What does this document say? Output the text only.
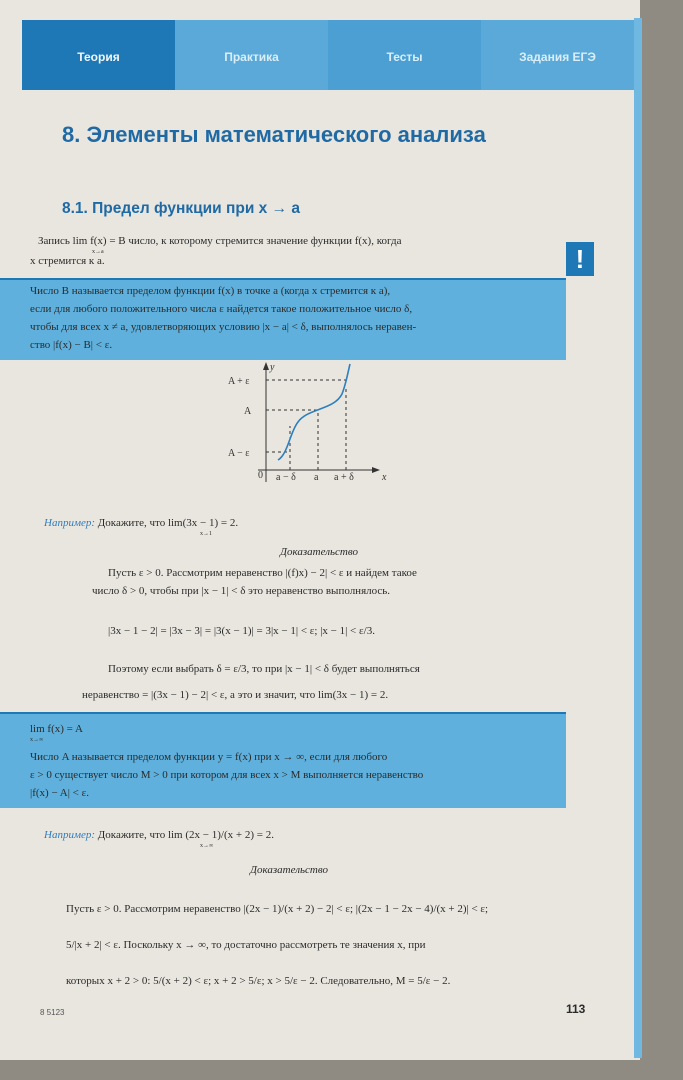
Теория	Практика	Тесты	Задания ЕГЭ
8. Элементы математического анализа
8.1. Предел функции при x → a
Запись lim f(x) = B число, к которому стремится значение функции f(x), когда
x→a
x стремится к a.	!
Число B называется пределом функции f(x) в точке a (когда x стремится к a),
если для любого положительного числа ε найдется такое положительное число δ,
чтобы для всех x ≠ a, удовлетворяющих условию |x − a| < δ, выполнялось неравен-
ство |f(x) − B| < ε.
y
x
0
A + ε
A
A − ε
a − δ a a + δ
Например: Докажите, что lim(3x − 1) = 2.
x→1
Доказательство
Пусть ε > 0. Рассмотрим неравенство |(f)x) − 2| < ε и найдем такое
число δ > 0, чтобы при |x − 1| < δ это неравенство выполнялось.
|3x − 1 − 2| = |3x − 3| = |3(x − 1)| = 3|x − 1| < ε; |x − 1| < ε/3.
Поэтому если выбрать δ = ε/3, то при |x − 1| < δ будет выполняться
неравенство = |(3x − 1) − 2| < ε, а это и значит, что lim(3x − 1) = 2.
lim f(x) = A
x→∞
Число A называется пределом функции y = f(x) при x → ∞, если для любого
ε > 0 существует число M > 0 при котором для всех x > M выполняется неравенство
|f(x) − A| < ε.
Например: Докажите, что lim (2x − 1)/(x + 2) = 2.
x→∞
Доказательство
Пусть ε > 0. Рассмотрим неравенство |(2x − 1)/(x + 2) − 2| < ε; |(2x − 1 − 2x − 4)/(x + 2)| < ε;
5/|x + 2| < ε. Поскольку x → ∞, то достаточно рассмотреть те значения x, при
которых x + 2 > 0: 5/(x + 2) < ε; x + 2 > 5/ε; x > 5/ε − 2. Следовательно, M = 5/ε − 2.
8 5123	113
